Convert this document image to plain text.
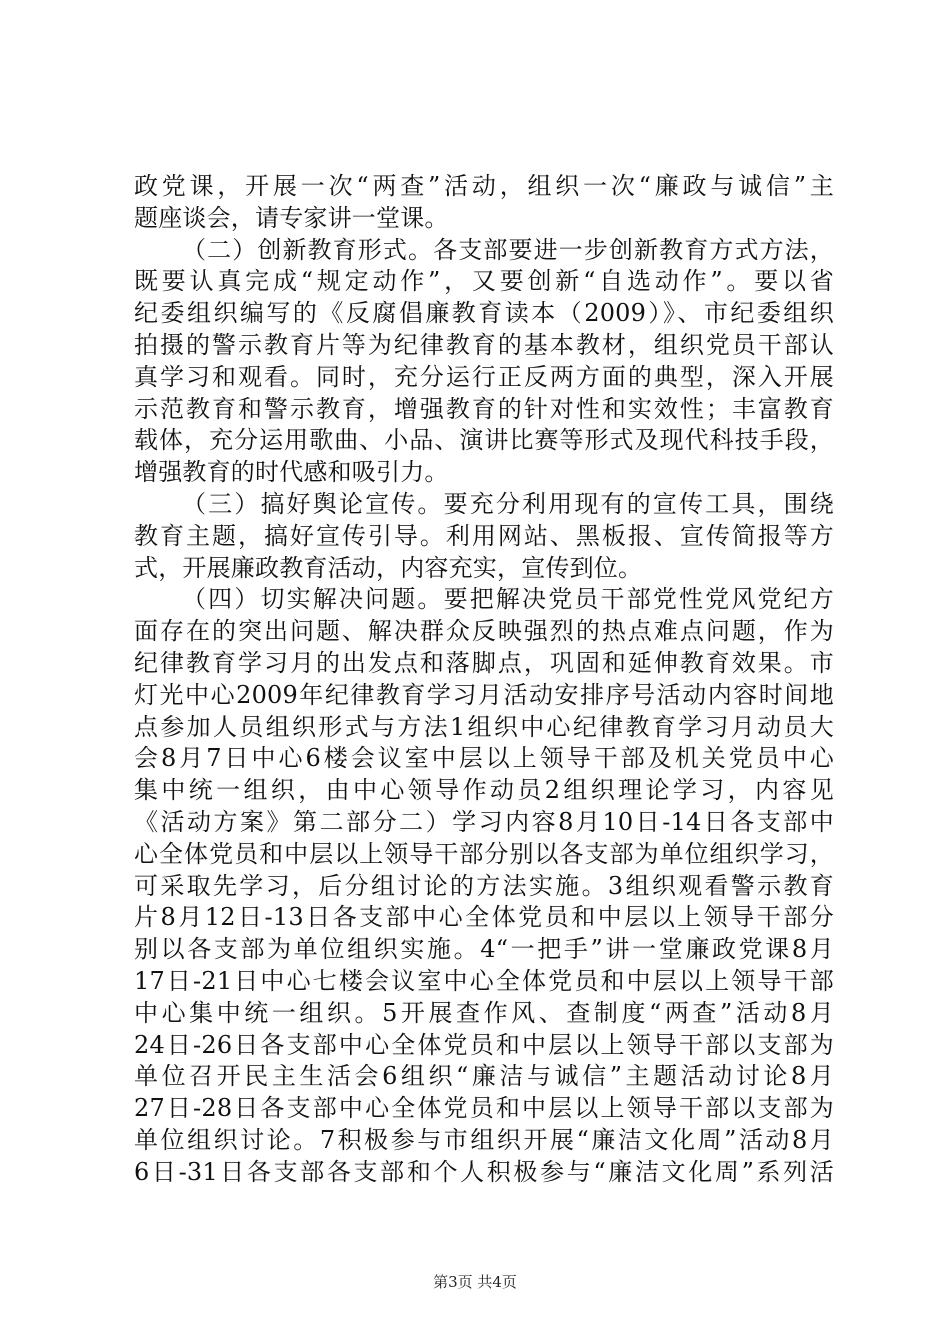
政党课，开展一次“两查”活动，组织一次“廉政与诚信”主
题座谈会，请专家讲一堂课。
（二）创新教育形式。各支部要进一步创新教育方式方法，
既要认真完成“规定动作”，又要创新“自选动作”。要以省
纪委组织编写的《反腐倡廉教育读本（2009）》、市纪委组织
拍摄的警示教育片等为纪律教育的基本教材，组织党员干部认
真学习和观看。同时，充分运行正反两方面的典型，深入开展
示范教育和警示教育，增强教育的针对性和实效性；丰富教育
载体，充分运用歌曲、小品、演讲比赛等形式及现代科技手段，
增强教育的时代感和吸引力。
（三）搞好舆论宣传。要充分利用现有的宣传工具，围绕
教育主题，搞好宣传引导。利用网站、黑板报、宣传简报等方
式，开展廉政教育活动，内容充实，宣传到位。
（四）切实解决问题。要把解决党员干部党性党风党纪方
面存在的突出问题、解决群众反映强烈的热点难点问题，作为
纪律教育学习月的出发点和落脚点，巩固和延伸教育效果。市
灯光中心2009年纪律教育学习月活动安排序号活动内容时间地
点参加人员组织形式与方法1组织中心纪律教育学习月动员大
会8月7日中心6楼会议室中层以上领导干部及机关党员中心
集中统一组织，由中心领导作动员2组织理论学习，内容见
《活动方案》第二部分二）学习内容8月10日-14日各支部中
心全体党员和中层以上领导干部分别以各支部为单位组织学习，
可采取先学习，后分组讨论的方法实施。3组织观看警示教育
片8月12日-13日各支部中心全体党员和中层以上领导干部分
别以各支部为单位组织实施。4“一把手”讲一堂廉政党课8月
17日-21日中心七楼会议室中心全体党员和中层以上领导干部
中心集中统一组织。5开展查作风、查制度“两查”活动8月
24日-26日各支部中心全体党员和中层以上领导干部以支部为
单位召开民主生活会6组织“廉洁与诚信”主题活动讨论8月
27日-28日各支部中心全体党员和中层以上领导干部以支部为
单位组织讨论。7积极参与市组织开展“廉洁文化周”活动8月
6日-31日各支部各支部和个人积极参与“廉洁文化周”系列活
第3页 共4页
